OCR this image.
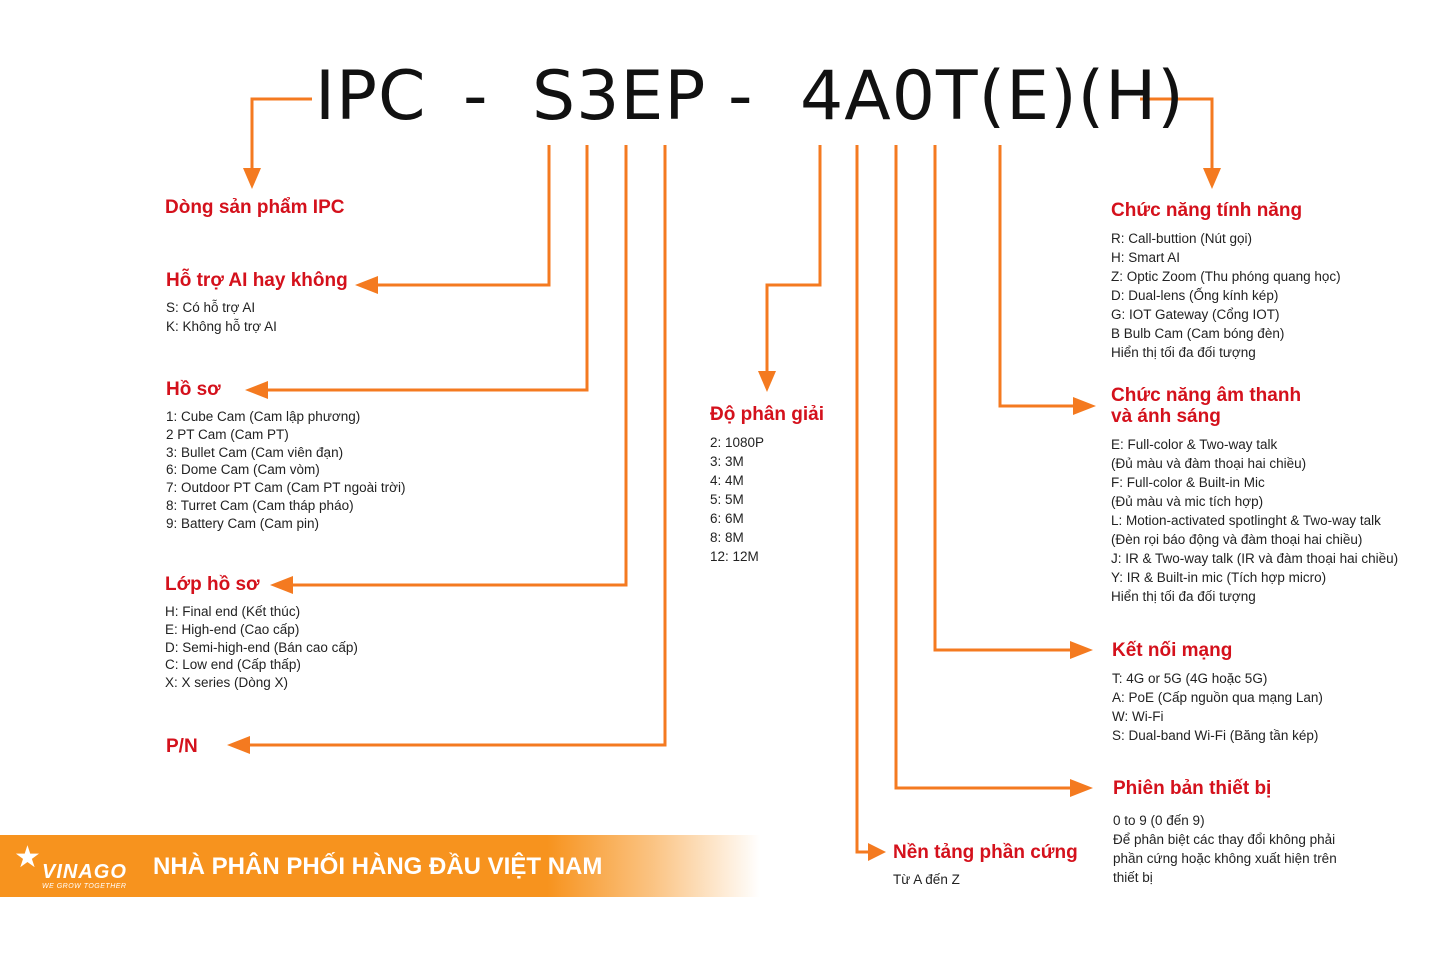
IPC - S3EP - 4A0T(E)(H)
Dòng sản phẩm IPC
Hỗ trợ AI hay không
S: Có hỗ trợ AI
K: Không hỗ trợ AI
Hồ sơ
1: Cube Cam (Cam lập phương)
2 PT Cam (Cam PT)
3: Bullet Cam (Cam viên đạn)
6: Dome Cam (Cam vòm)
7: Outdoor PT Cam (Cam PT ngoài trời)
8: Turret Cam (Cam tháp pháo)
9: Battery Cam (Cam pin)
Lớp hồ sơ
H: Final end (Kết thúc)
E: High-end (Cao cấp)
D: Semi-high-end (Bán cao cấp)
C: Low end (Cấp thấp)
X: X series (Dòng X)
P/N
Độ phân giải
2: 1080P
3: 3M
4: 4M
5: 5M
6: 6M
8: 8M
12: 12M
Nền tảng phần cứng
Từ A đến Z
Chức năng tính năng
R: Call-buttion (Nút gọi)
H: Smart AI
Z: Optic Zoom (Thu phóng quang học)
D: Dual-lens (Ống kính kép)
G: IOT Gateway (Cổng IOT)
B Bulb Cam (Cam bóng đèn)
Hiển thị tối đa đối tượng
Chức năng âm thanh
và ánh sáng
E: Full-color & Two-way talk
(Đủ màu và đàm thoại hai chiều)
F: Full-color & Built-in Mic
(Đủ màu và mic tích hợp)
L: Motion-activated spotlinght & Two-way talk
(Đèn rọi báo động và đàm thoại hai chiều)
J: IR & Two-way talk (IR và đàm thoại hai chiều)
Y: IR & Built-in mic (Tích hợp micro)
Hiển thị tối đa đối tượng
Kết nối mạng
T: 4G or 5G (4G hoặc 5G)
A: PoE (Cấp nguồn qua mạng Lan)
W: Wi-Fi
S: Dual-band Wi-Fi (Băng tần kép)
Phiên bản thiết bị
0 to 9 (0 đến 9)
Để phân biệt các thay đổi không phải
phần cứng hoặc không xuất hiện trên
thiết bị
★ VINAGO
WE GROW TOGETHER
NHÀ PHÂN PHỐI HÀNG ĐẦU VIỆT NAM
